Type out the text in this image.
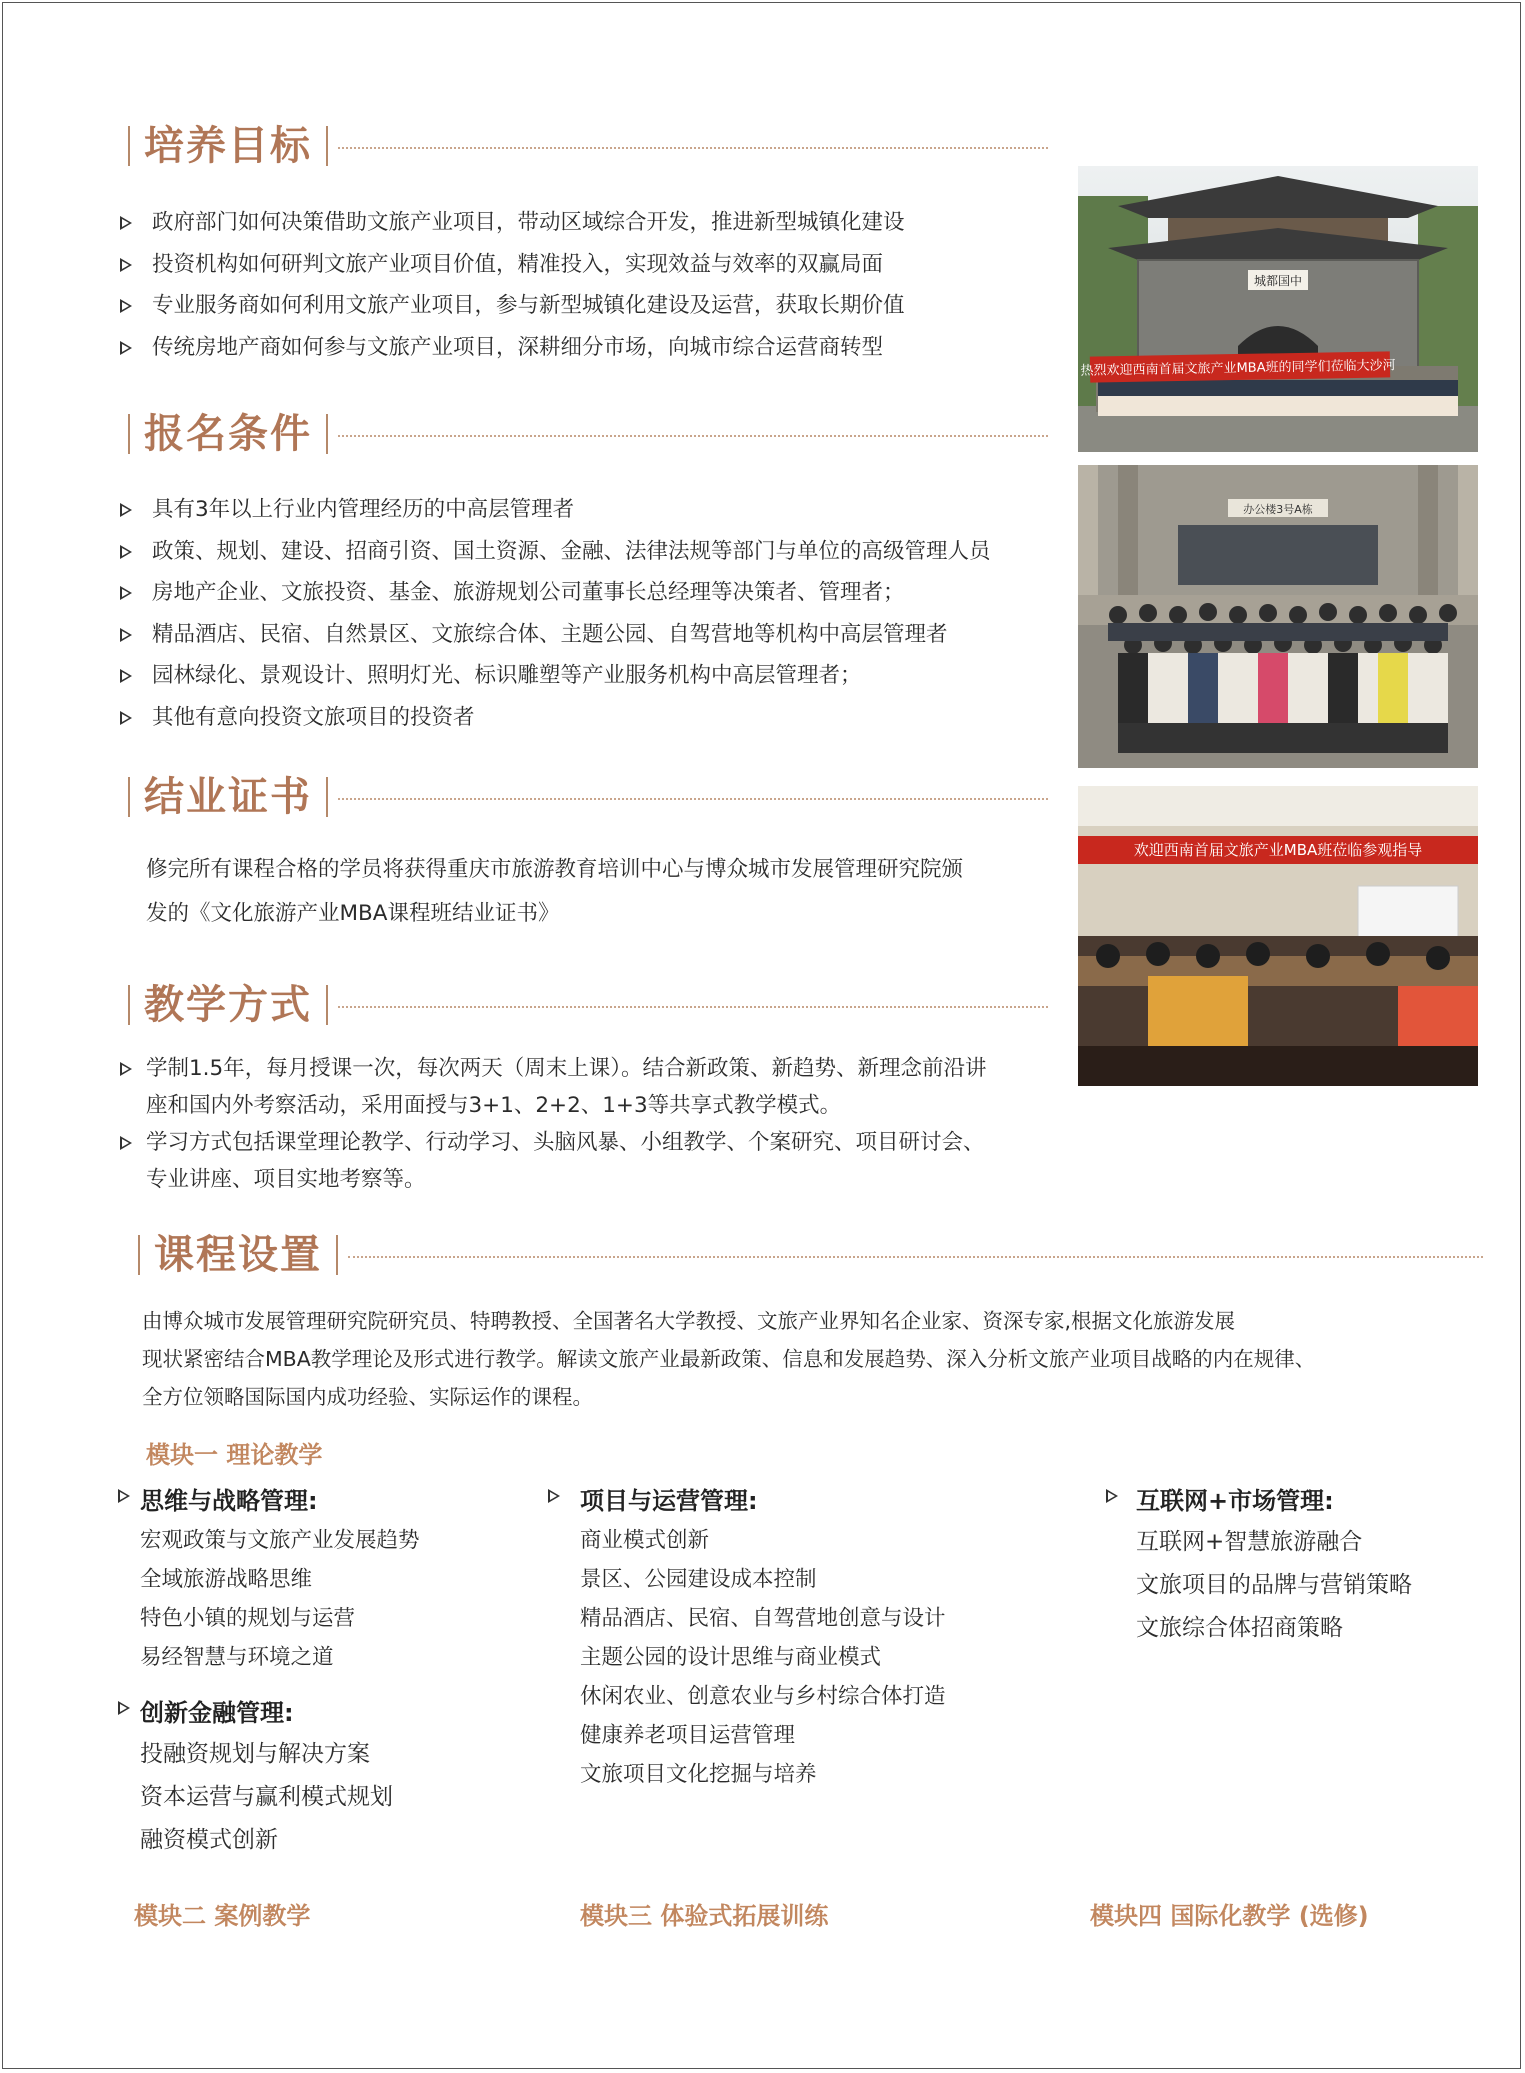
培养目标
政府部门如何决策借助文旅产业项目，带动区域综合开发，推进新型城镇化建设
投资机构如何研判文旅产业项目价值，精准投入，实现效益与效率的双赢局面
专业服务商如何利用文旅产业项目，参与新型城镇化建设及运营，获取长期价值
传统房地产商如何参与文旅产业项目，深耕细分市场，向城市综合运营商转型
报名条件
具有3年以上行业内管理经历的中高层管理者
政策、规划、建设、招商引资、国土资源、金融、法律法规等部门与单位的高级管理人员
房地产企业、文旅投资、基金、旅游规划公司董事长总经理等决策者、管理者；
精品酒店、民宿、自然景区、文旅综合体、主题公园、自驾营地等机构中高层管理者
园林绿化、景观设计、照明灯光、标识雕塑等产业服务机构中高层管理者；
其他有意向投资文旅项目的投资者
结业证书
修完所有课程合格的学员将获得重庆市旅游教育培训中心与博众城市发展管理研究院颁
发的《文化旅游产业MBA课程班结业证书》
教学方式
学制1.5年，每月授课一次，每次两天（周末上课）。结合新政策、新趋势、新理念前沿讲
座和国内外考察活动，采用面授与3+1、2+2、1+3等共享式教学模式。
学习方式包括课堂理论教学、行动学习、头脑风暴、小组教学、个案研究、项目研讨会、
专业讲座、项目实地考察等。
城都国中
热烈欢迎西南首届文旅产业MBA班的同学们莅临大沙河
办公楼3号A栋
欢迎西南首届文旅产业MBA班莅临参观指导
课程设置
由博众城市发展管理研究院研究员、特聘教授、全国著名大学教授、文旅产业界知名企业家、资深专家,根据文化旅游发展
现状紧密结合MBA教学理论及形式进行教学。解读文旅产业最新政策、信息和发展趋势、深入分析文旅产业项目战略的内在规律、
全方位领略国际国内成功经验、实际运作的课程。
模块一 理论教学
思维与战略管理:
宏观政策与文旅产业发展趋势
全域旅游战略思维
特色小镇的规划与运营
易经智慧与环境之道
创新金融管理:
投融资规划与解决方案
资本运营与赢利模式规划
融资模式创新
项目与运营管理:
商业模式创新
景区、公园建设成本控制
精品酒店、民宿、自驾营地创意与设计
主题公园的设计思维与商业模式
休闲农业、创意农业与乡村综合体打造
健康养老项目运营管理
文旅项目文化挖掘与培养
互联网+市场管理:
互联网+智慧旅游融合
文旅项目的品牌与营销策略
文旅综合体招商策略
模块二 案例教学	模块三 体验式拓展训练	模块四 国际化教学 (选修)
